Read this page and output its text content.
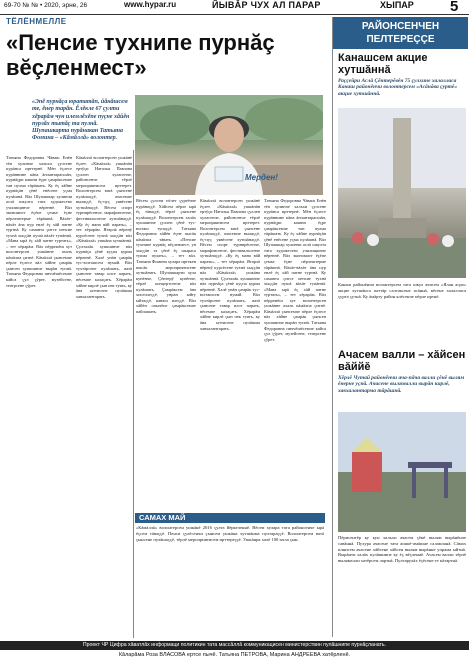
69-70 № № • 2020, эрне, 26	www.hypar.ru	ЙЫВӐР ЧУХ АЛ ПАРАР	ХЫПАР 5
ТЁЛЁНМЕЛЛЕ
«Пенсие тухнипе пурнӑç вӗçленмест»
«Эпĕ пурнăçа юрататăп, йăнăшсем те, ĕнер тарăн. Ĕлĕкле 67 çулти хĕрарăм чун илемлĕхĕпе пуçне хăйĕн пурлăх тытăç та пулнă. Шупашкарта пурăнакан Татьяна Фомина – «Кăмăллă» волонтер.
Мерден!
Татьяна Федоровна Чăваш Енĕн тĕп хулинче хальхи çулсене пурăнса ирттернĕ. Мĕн ĕçлесе пурăннине кăна ăнлантарасшăн, пурнăçри кашни ĕçре çамрăксемпе тан пулма тăрăшать. Ку ĕç хăйне пурнăçăн çĕнĕ енĕсене уçма пулăшнă. Вăл Шупашкар хулинчи аслă шкулта тата художество училищинче вĕреннĕ. Вăл экономист ĕçĕпе çемье ĕçне пĕрлештерме тăрăшнă. Вăхăт-вăхăт ăна пур енлĕ ĕç хăй патне туртнă. Ку саманта çитсе пенсие тухнă хыççăн пушă вăхăт тупăннă. «Мана ырă ĕç хăй патне туртать», – тет хĕрарăм. Вăл пĕрремĕш хут волонтерсен ушкăнне ахаль кăмăлпа çитнĕ. Кăмăллă çынсемпе пĕрле ĕçлесе вăл хăйне çамрăк çынсен хушшинче вырăн тупнă. Татьяна Федоровна пиччĕшĕсемпе кайса çул çӳрет, музейсене, театрсене çӳрет.
Кăмăллă волонтерсен ушкăнĕ ĕçлет. «Кăмăллă» ушкăнăн ертӳçи Наталья Павлова çуллен хуласенче, районсенче тĕрлĕ мероприятисем ирттерет. Волонтерсем ватă çынсене пулăшаççĕ, ачасемпе выляççĕ, ĕç-пуç уявĕсене хутшăнаççĕ. Вĕсем спорт турнирĕсенче, марафонсенче, фестивальсенче хутшăнаççĕ. «Ку ĕç мана вăй парать», – тет хĕрарăм. Ятарлă вĕренӳ курсĕсене тухнă хыççăн вăл «Кăмăллă» ушкăна хутшăннă. Çулталăк хушшинче вăл пурнăçа çĕнĕ куçпа курма вĕреннĕ. Халĕ унăн çамрăк тус-юлташсем нумай. Вăл тухтăрсене пулăшать, ватă çынсене тавар илсе парать, вĕсемпе калаçать. Хĕрарăм хăйне кирлĕ çын пек туять, ку ăна ыттисене пулăшма хавхалантарать.
Вĕсем çулсем пĕлет çуртĕнче пурăнаççĕ. Хăйсем пĕрле ырă ĕç тăваççĕ, тĕрлĕ çынсене пулăшаççĕ. Волонтерсем халăх хушшинче çуллен çĕнĕ тус-юлташ тупаççĕ. Татьяна Федоровна хăйĕн ĕçне пысăк кăмăлпа тăвать. «Пенсие тухнипе пурнăç вĕçленмест, ун хыççăн та çĕнĕ ĕç шыраса тупма пулать», – тет вăл. Татьяна Фомина хулара иртекен пысăк мероприятисене хутшăнать. Шупашкарти хула кунĕнче, Çĕнтерӳ кунĕнче, тĕрлĕ концертсенче вăл пулăшать. Çамрăксем ăна хисеплеççĕ, унран ыйту ыйтаççĕ, канаш илеççĕ. Вăл хăйĕн опычĕпе çамрăксемпе пайлашать.
Кăмăллă волонтерсен ушкăнĕ ĕçлет. «Кăмăллă» ушкăнăн ертӳçи Наталья Павлова çуллен хуласенче, районсенче тĕрлĕ мероприятисем ирттерет. Волонтерсем ватă çынсене пулăшаççĕ, ачасемпе выляççĕ, ĕç-пуç уявĕсене хутшăнаççĕ. Вĕсем спорт турнирĕсенче, марафонсенче, фестивальсенче хутшăнаççĕ. «Ку ĕç мана вăй парать», – тет хĕрарăм. Ятарлă вĕренӳ курсĕсене тухнă хыççăн вăл «Кăмăллă» ушкăна хутшăннă. Çулталăк хушшинче вăл пурнăçа çĕнĕ куçпа курма вĕреннĕ. Халĕ унăн çамрăк тус-юлташсем нумай. Вăл тухтăрсене пулăшать, ватă çынсене тавар илсе парать, вĕсемпе калаçать. Хĕрарăм хăйне кирлĕ çын пек туять, ку ăна ыттисене пулăшма хавхалантарать.
Татьяна Федоровна Чăваш Енĕн тĕп хулинче хальхи çулсене пурăнса ирттернĕ. Мĕн ĕçлесе пурăннине кăна ăнлантарасшăн, пурнăçри кашни ĕçре çамрăксемпе тан пулма тăрăшать. Ку ĕç хăйне пурнăçăн çĕнĕ енĕсене уçма пулăшнă. Вăл Шупашкар хулинчи аслă шкулта тата художество училищинче вĕреннĕ. Вăл экономист ĕçĕпе çемье ĕçне пĕрлештерме тăрăшнă. Вăхăт-вăхăт ăна пур енлĕ ĕç хăй патне туртнă. Ку саманта çитсе пенсие тухнă хыççăн пушă вăхăт тупăннă. «Мана ырă ĕç хăй патне туртать», – тет хĕрарăм. Вăл пĕрремĕш хут волонтерсен ушкăнне ахаль кăмăлпа çитнĕ. Кăмăллă çынсемпе пĕрле ĕçлесе вăл хăйне çамрăк çынсен хушшинче вырăн тупнă. Татьяна Федоровна пиччĕшĕсемпе кайса çул çӳрет, музейсене, театрсене çӳрет.
САМАХ МАЙ
«Кăмăллă» волонтерсен ушкăнĕ 2016 çулта йĕркеленнĕ. Вĕсем хулара тата районсенче ырă ĕçсем тăваççĕ. Пенси çулĕсенчи çынсем ушкăна хутшăнма пултараççĕ. Волонтерсем ватă çынсене пулăшаççĕ, тĕрлĕ мероприятисем ирттереççĕ. Ушкăнра халĕ 100 ытла çын.
РАЙОНСЕНЧЕН ПЕЛТЕРЕÇÇЕ
Канашсем акцие хутшăннă
Раççейри Аслă Çĕнтерĕвĕн 75 çулхине халалласа Канаш районĕнчи волонтерсем «Асăнăва çуртĕ» акцие хутшăннă.
Канаш районĕнчи волонтерсем тата шкул ачисем «Ялан асра» акцие хутшăнса паттăр салтаксене асăннă, вĕсене халалласа çурта çутнă. Ку ăмăрту район ялĕсенче пĕрле иртнĕ.
Ачасем валли – хăйсен вăййĕ
Хĕрлĕ Чутай районĕнчи ача-пăча валли çĕнĕ вылям ĕнерне уçнă. Ачасене вылямалли вырăн кирлĕ, хавхалантарма тăрăшнă.
Пĕрисентĕр ку кун хальхи ачасем çĕнĕ вылям вырăнĕнче савăннă. Пухура ачасене тата ашшĕ-амăшне саламланă. Сăмах илнисем ачасене хăйсене хăйсен вылям вырăнне упрама ыйтнă. Вырăнти халăх пулăшнипе ку ĕç вĕçленнĕ. Ачасем валли тĕрлĕ вылямалли хатĕрсем лартнă. Пултарулăх ĕçĕсене те кăтартнă.
Проект ЧР Цифра хăватлăх информаци политикин тата массăллă коммуникацисен министерствин пулăшнипе пурнăçланать.
Кăларăма Роза ВЛАСОВА ертсе пычĕ. Татьяна ПЕТРОВА, Марина АНДРЕЕВА хатĕрленĕ.
